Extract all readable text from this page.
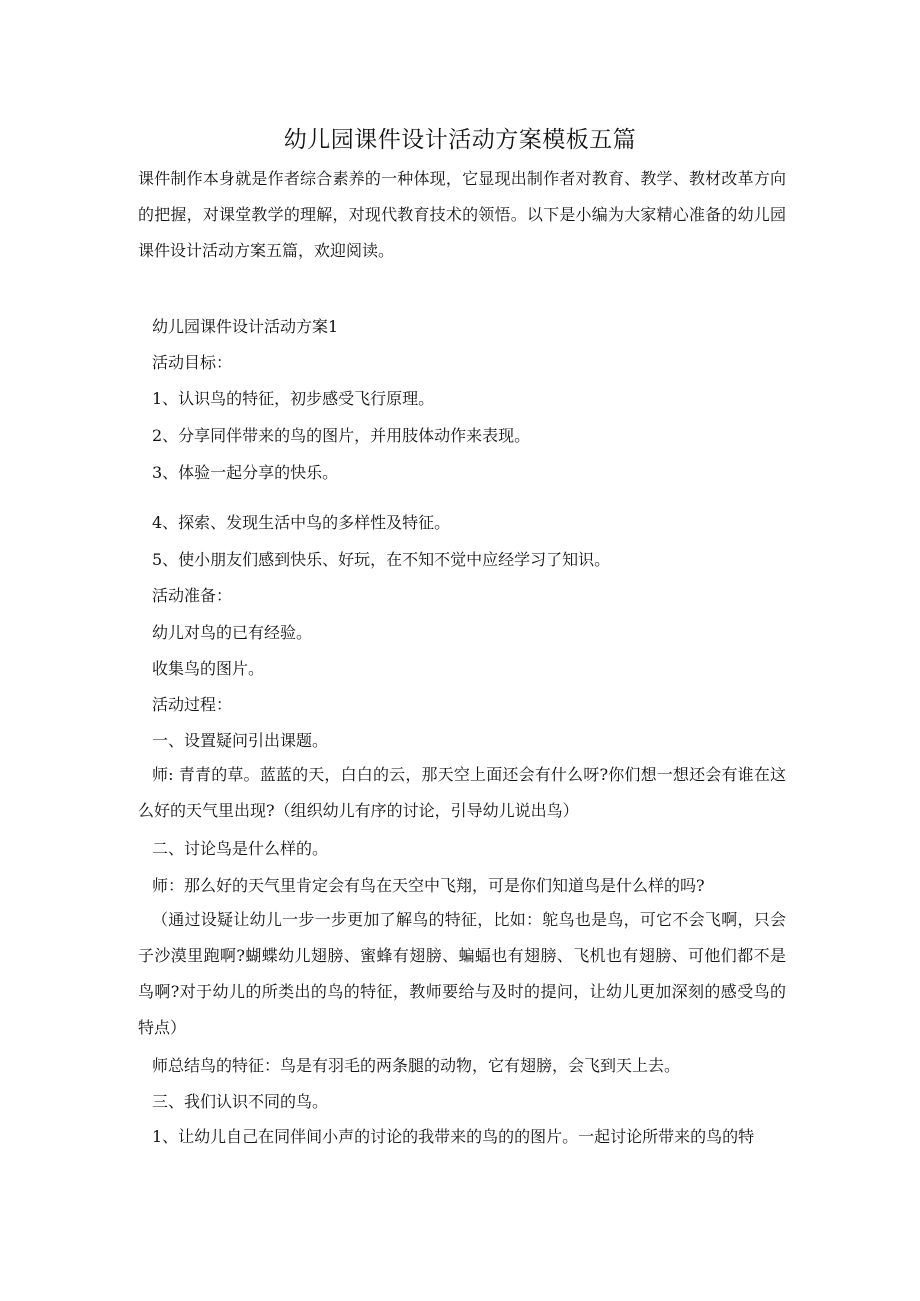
幼儿园课件设计活动方案模板五篇
课件制作本身就是作者综合素养的一种体现，它显现出制作者对教育、教学、教材改革方向的把握，对课堂教学的理解，对现代教育技术的领悟。以下是小编为大家精心准备的幼儿园课件设计活动方案五篇，欢迎阅读。
幼儿园课件设计活动方案1
活动目标：
1、认识鸟的特征，初步感受飞行原理。
2、分享同伴带来的鸟的图片，并用肢体动作来表现。
3、体验一起分享的快乐。
4、探索、发现生活中鸟的多样性及特征。
5、使小朋友们感到快乐、好玩，在不知不觉中应经学习了知识。
活动准备：
幼儿对鸟的已有经验。
收集鸟的图片。
活动过程：
一、设置疑问引出课题。
师: 青青的草。蓝蓝的天，白白的云，那天空上面还会有什么呀?你们想一想还会有谁在这么好的天气里出现?（组织幼儿有序的讨论，引导幼儿说出鸟）
二、讨论鸟是什么样的。
师：那么好的天气里肯定会有鸟在天空中飞翔，可是你们知道鸟是什么样的吗?
（通过设疑让幼儿一步一步更加了解鸟的特征，比如：鸵鸟也是鸟，可它不会飞啊，只会子沙漠里跑啊?蝴蝶幼儿翅膀、蜜蜂有翅膀、蝙蝠也有翅膀、飞机也有翅膀、可他们都不是鸟啊?对于幼儿的所类出的鸟的特征，教师要给与及时的提问，让幼儿更加深刻的感受鸟的特点）
师总结鸟的特征：鸟是有羽毛的两条腿的动物，它有翅膀，会飞到天上去。
三、我们认识不同的鸟。
1、让幼儿自己在同伴间小声的讨论的我带来的鸟的的图片。一起讨论所带来的鸟的特
